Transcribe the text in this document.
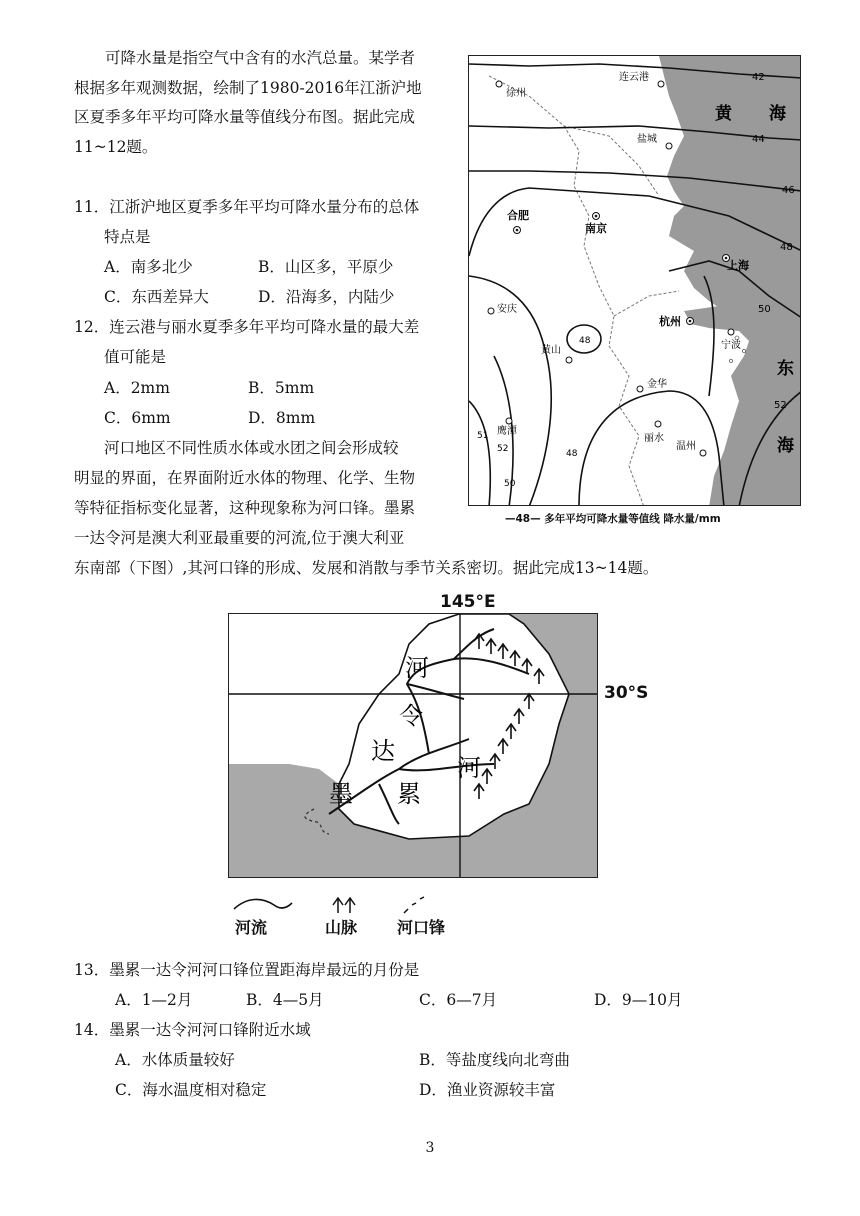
可降水量是指空气中含有的水汽总量。某学者

根据多年观测数据，绘制了1980-2016年江浙沪地

区夏季多年平均可降水量等值线分布图。据此完成

11~12题。

11．江浙沪地区夏季多年平均可降水量分布的总体
特点是
A．南多北少	B．山区多，平原少
C．东西差异大	D．沿海多，内陆少
12．连云港与丽水夏季多年平均可降水量的最大差
值可能是
A．2mm	B．5mm
C．6mm	D．8mm
河口地区不同性质水体或水团之间会形成较
明显的界面，在界面附近水体的物理、化学、生物
等特征指标变化显著，这种现象称为河口锋。墨累
一达令河是澳大利亚最重要的河流,位于澳大利亚
东南部（下图）,其河口锋的形成、发展和消散与季节关系密切。据此完成13~14题。
42
44
46
48
50
52
48
51
52
50
48
黄 海
东
海
徐州
连云港
盐城
合肥
南京
上海
安庆
杭州
宁波
黄山
金华
鹰潭
丽水
温州
—48— 多年平均可降水量等值线 降水量/mm
145°E
30°S
河
令
达
墨 累
河
河流	山脉 河口锋
13．墨累一达令河河口锋位置距海岸最远的月份是
A．1—2月	B．4—5月	C．6—7月	D．9—10月
14．墨累一达令河河口锋附近水域
A．水体质量较好	B．等盐度线向北弯曲
C．海水温度相对稳定	D．渔业资源较丰富
3
